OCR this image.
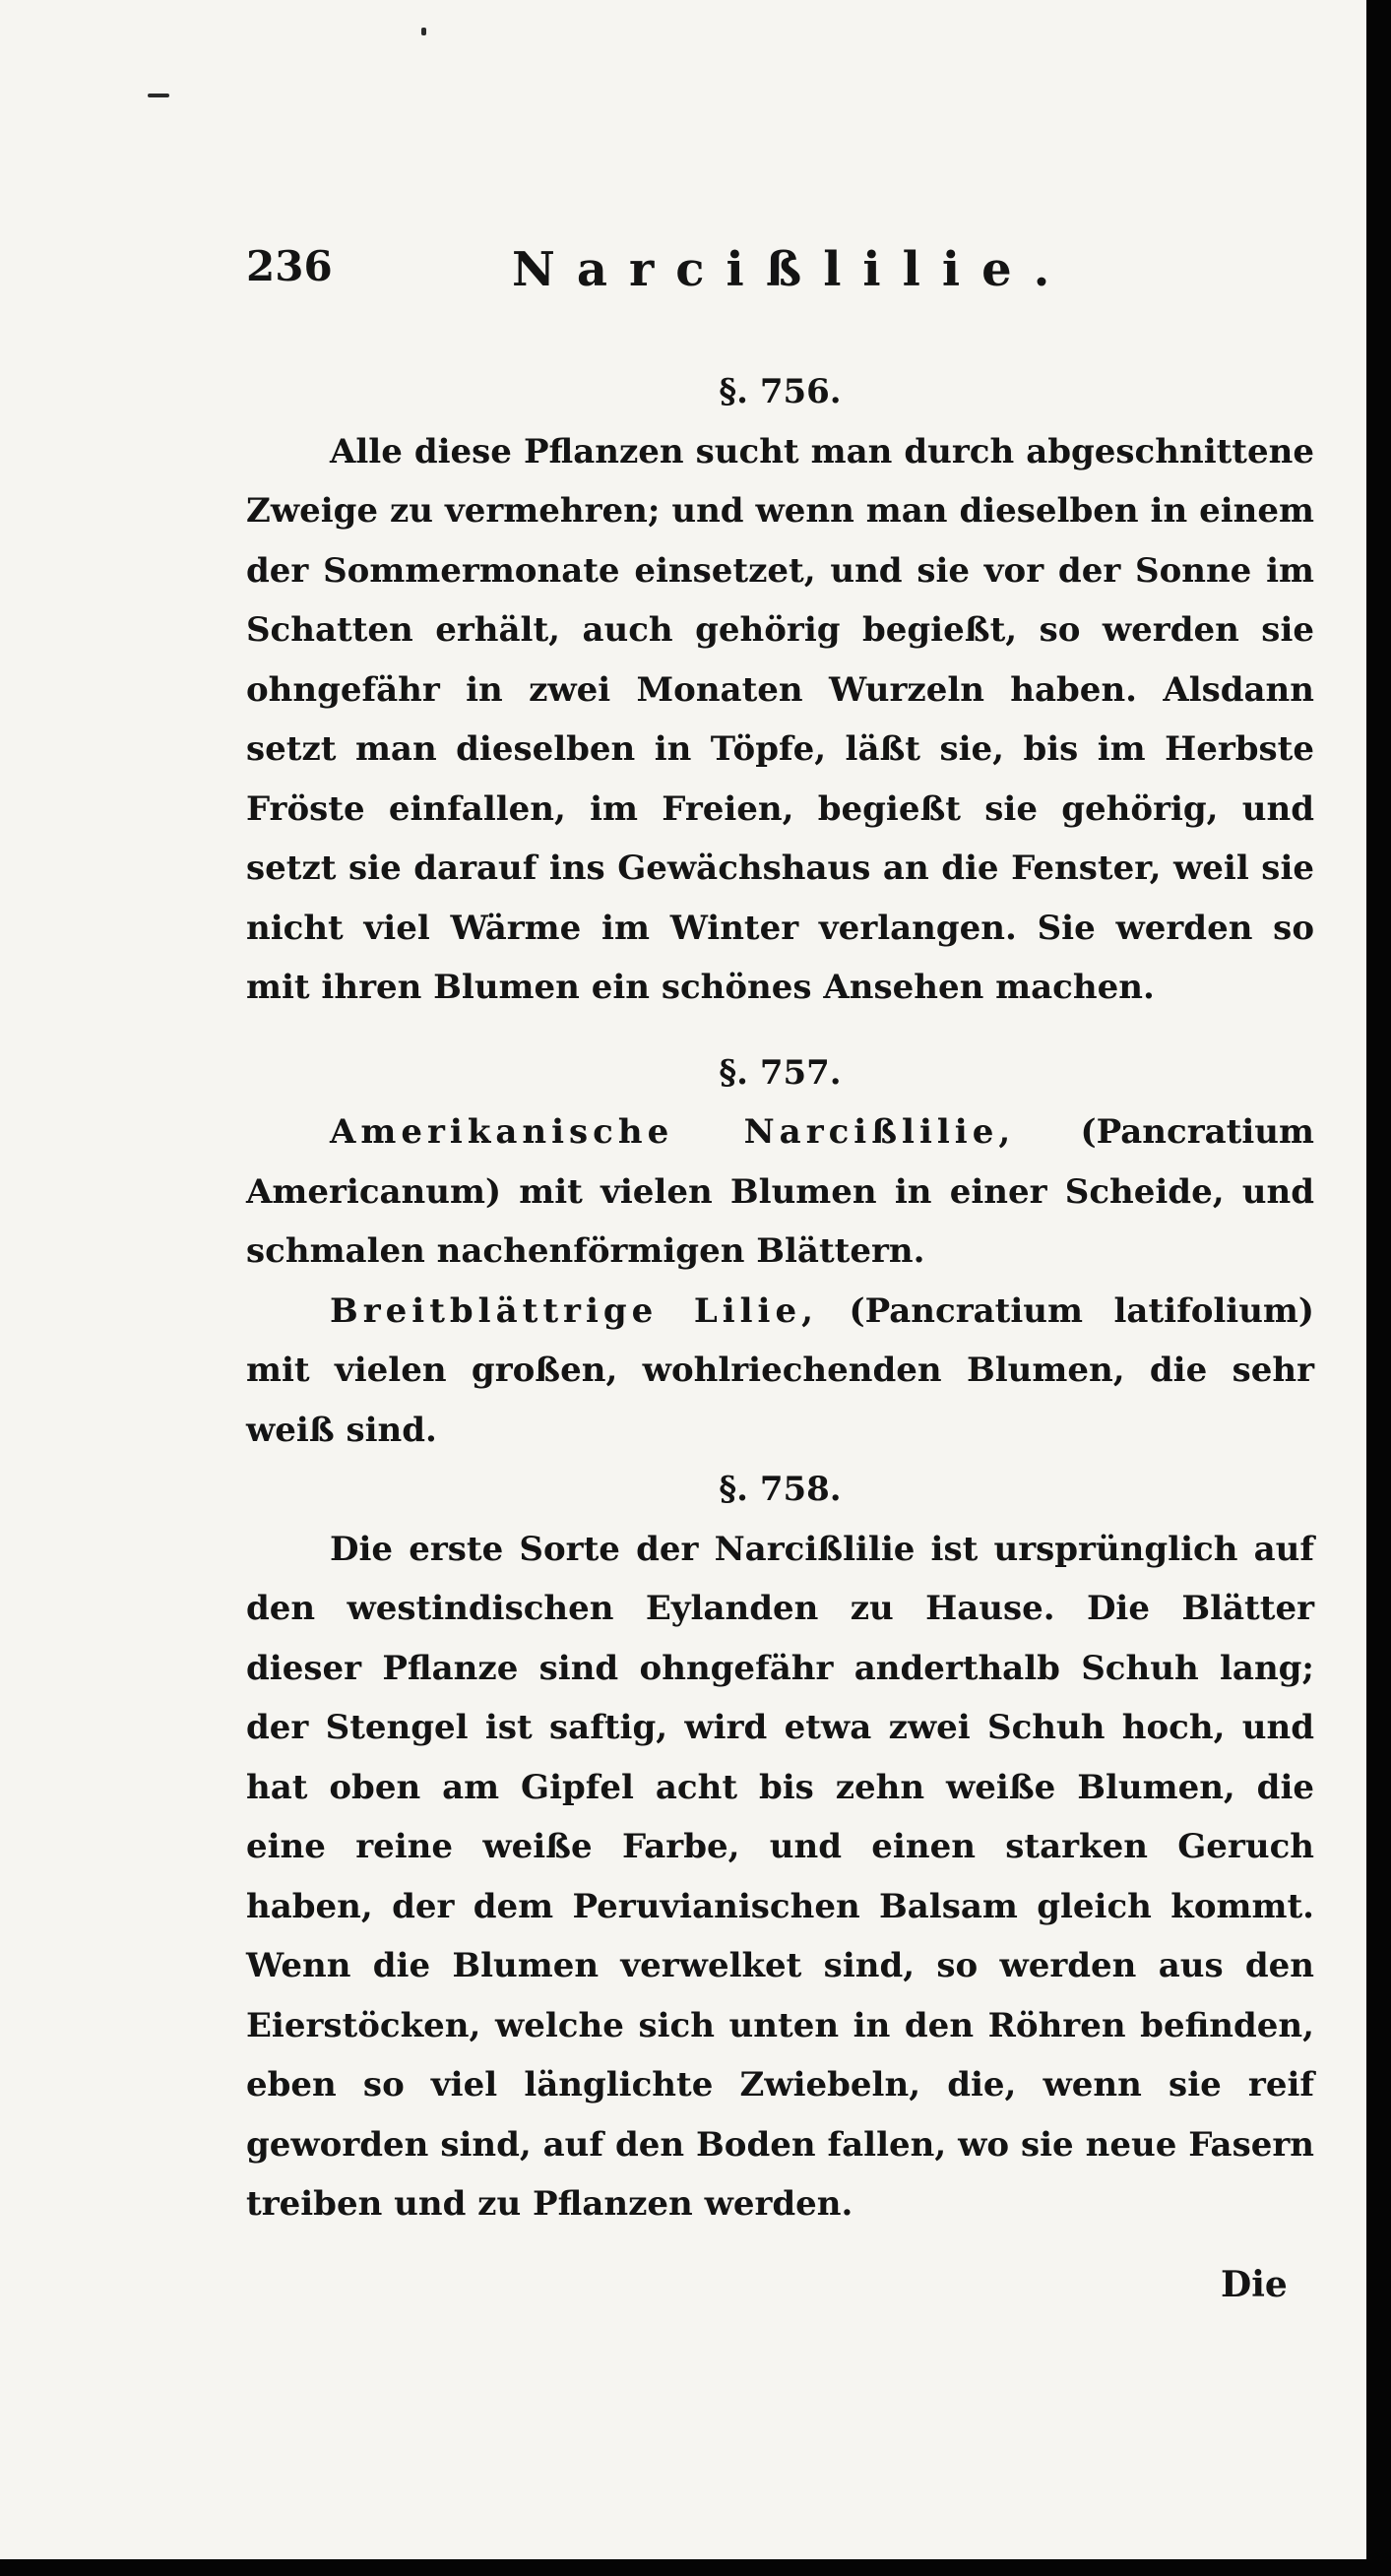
236	Narcißlilie.

§. 756.

Alle diese Pflanzen sucht man durch abgeschnittene Zweige zu vermehren; und wenn man dieselben in einem der Sommermonate einsetzet, und sie vor der Sonne im Schatten erhält, auch gehörig begießt, so werden sie ohngefähr in zwei Monaten Wurzeln haben. Alsdann setzt man dieselben in Töpfe, läßt sie, bis im Herbste Fröste einfallen, im Freien, begießt sie gehörig, und setzt sie darauf ins Gewächshaus an die Fenster, weil sie nicht viel Wärme im Winter verlangen. Sie werden so mit ihren Blumen ein schönes Ansehen machen.

§. 757.

Amerikanische Narcißlilie, (Pancratium Americanum) mit vielen Blumen in einer Scheide, und schmalen nachenförmigen Blättern.

Breitblättrige Lilie, (Pancratium latifolium) mit vielen großen, wohlriechenden Blumen, die sehr weiß sind.

§. 758.

Die erste Sorte der Narcißlilie ist ursprünglich auf den westindischen Eylanden zu Hause. Die Blätter dieser Pflanze sind ohngefähr anderthalb Schuh lang; der Stengel ist saftig, wird etwa zwei Schuh hoch, und hat oben am Gipfel acht bis zehn weiße Blumen, die eine reine weiße Farbe, und einen starken Geruch haben, der dem Peruvianischen Balsam gleich kommt. Wenn die Blumen verwelket sind, so werden aus den Eierstöcken, welche sich unten in den Röhren befinden, eben so viel länglichte Zwiebeln, die, wenn sie reif geworden sind, auf den Boden fallen, wo sie neue Fasern treiben und zu Pflanzen werden.

Die
